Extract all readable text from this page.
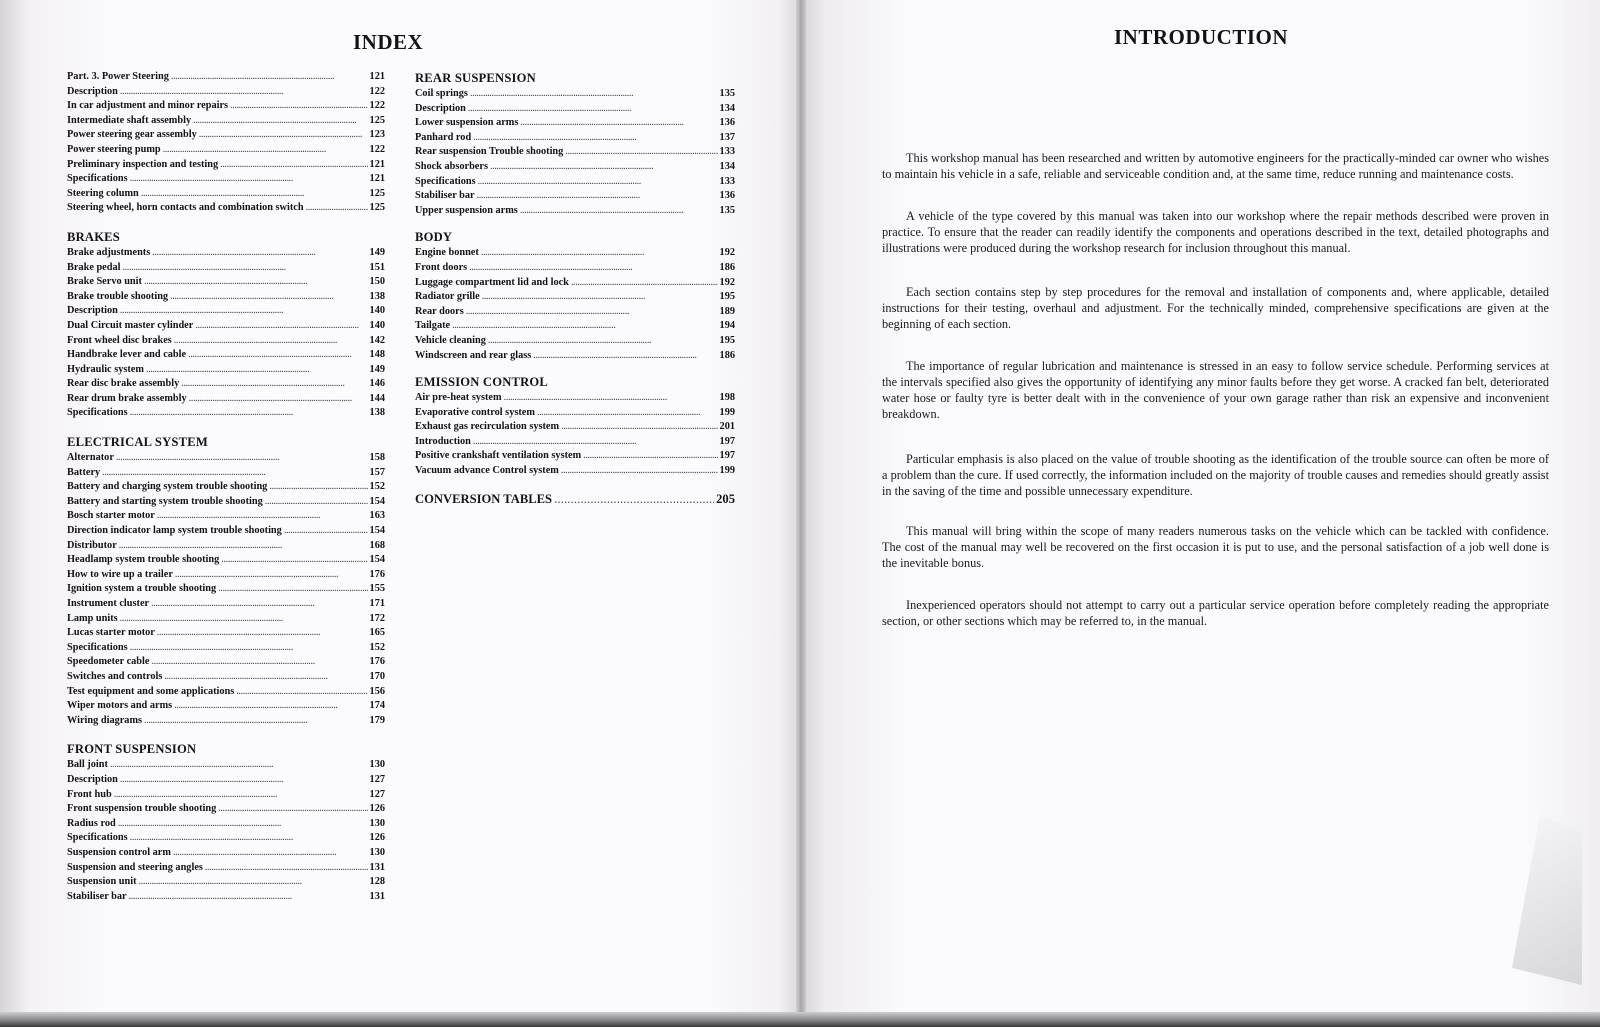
INDEX
Part. 3. Power Steering . . .	121
Description . . .	122
In car adjustment and minor repairs . . .	122
Intermediate shaft assembly . . .	125
Power steering gear assembly . . .	123
Power steering pump . . .	122
Preliminary inspection and testing . . .	121
Specifications . . .	121
Steering column . . .	125
Steering wheel, horn contacts and combination switch . . .	125
BRAKES
Brake adjustments . . .	149
Brake pedal . . .	151
Brake Servo unit . . .	150
Brake trouble shooting . . .	138
Description . . .	140
Dual Circuit master cylinder . . .	140
Front wheel disc brakes . . .	142
Handbrake lever and cable . . .	148
Hydraulic system . . .	149
Rear disc brake assembly . . .	146
Rear drum brake assembly . . .	144
Specifications . . .	138
ELECTRICAL SYSTEM
Alternator . . .	158
Battery . . .	157
Battery and charging system trouble shooting . . .	152
Battery and starting system trouble shooting . . .	154
Bosch starter motor . . .	163
Direction indicator lamp system trouble shooting . . .	154
Distributor . . .	168
Headlamp system trouble shooting . . .	154
How to wire up a trailer . . .	176
Ignition system a trouble shooting . . .	155
Instrument cluster . . .	171
Lamp units . . .	172
Lucas starter motor . . .	165
Specifications . . .	152
Speedometer cable . . .	176
Switches and controls . . .	170
Test equipment and some applications . . .	156
Wiper motors and arms . . .	174
Wiring diagrams . . .	179
FRONT SUSPENSION
Ball joint . . .	130
Description . . .	127
Front hub . . .	127
Front suspension trouble shooting . . .	126
Radius rod . . .	130
Specifications . . .	126
Suspension control arm . . .	130
Suspension and steering angles . . .	131
Suspension unit . . .	128
Stabiliser bar . . .	131
REAR SUSPENSION
Coil springs . . .	135
Description . . .	134
Lower suspension arms . . .	136
Panhard rod . . .	137
Rear suspension Trouble shooting . . .	133
Shock absorbers . . .	134
Specifications . . .	133
Stabiliser bar . . .	136
Upper suspension arms . . .	135
BODY
Engine bonnet . . .	192
Front doors . . .	186
Luggage compartment lid and lock . . .	192
Radiator grille . . .	195
Rear doors . . .	189
Tailgate . . .	194
Vehicle cleaning . . .	195
Windscreen and rear glass . . .	186
EMISSION CONTROL
Air pre-heat system . . .	198
Evaporative control system . . .	199
Exhaust gas recirculation system . . .	201
Introduction . . .	197
Positive crankshaft ventilation system . . .	197
Vacuum advance Control system . . .	199
CONVERSION TABLES . . .	205
INTRODUCTION

This workshop manual has been researched and written by automotive engineers for the practically-minded car owner who wishes to maintain his vehicle in a safe, reliable and serviceable condition and, at the same time, reduce running and maintenance costs.

A vehicle of the type covered by this manual was taken into our workshop where the repair methods described were proven in practice. To ensure that the reader can readily identify the components and operations described in the text, detailed photographs and illustrations were produced during the workshop research for inclusion throughout this manual.

Each section contains step by step procedures for the removal and installation of components and, where applicable, detailed instructions for their testing, overhaul and adjustment. For the technically minded, comprehensive specifications are given at the beginning of each section.

The importance of regular lubrication and maintenance is stressed in an easy to follow service schedule. Performing services at the intervals specified also gives the opportunity of identifying any minor faults before they get worse. A cracked fan belt, deteriorated water hose or faulty tyre is better dealt with in the convenience of your own garage rather than risk an expensive and inconvenient breakdown.

Particular emphasis is also placed on the value of trouble shooting as the identification of the trouble source can often be more of a problem than the cure. If used correctly, the information included on the majority of trouble causes and remedies should greatly assist in the saving of the time and possible unnecessary expenditure.

This manual will bring within the scope of many readers numerous tasks on the vehicle which can be tackled with confidence. The cost of the manual may well be recovered on the first occasion it is put to use, and the personal satisfaction of a job well done is the inevitable bonus.

Inexperienced operators should not attempt to carry out a particular service operation before completely reading the appropriate section, or other sections which may be referred to, in the manual.
